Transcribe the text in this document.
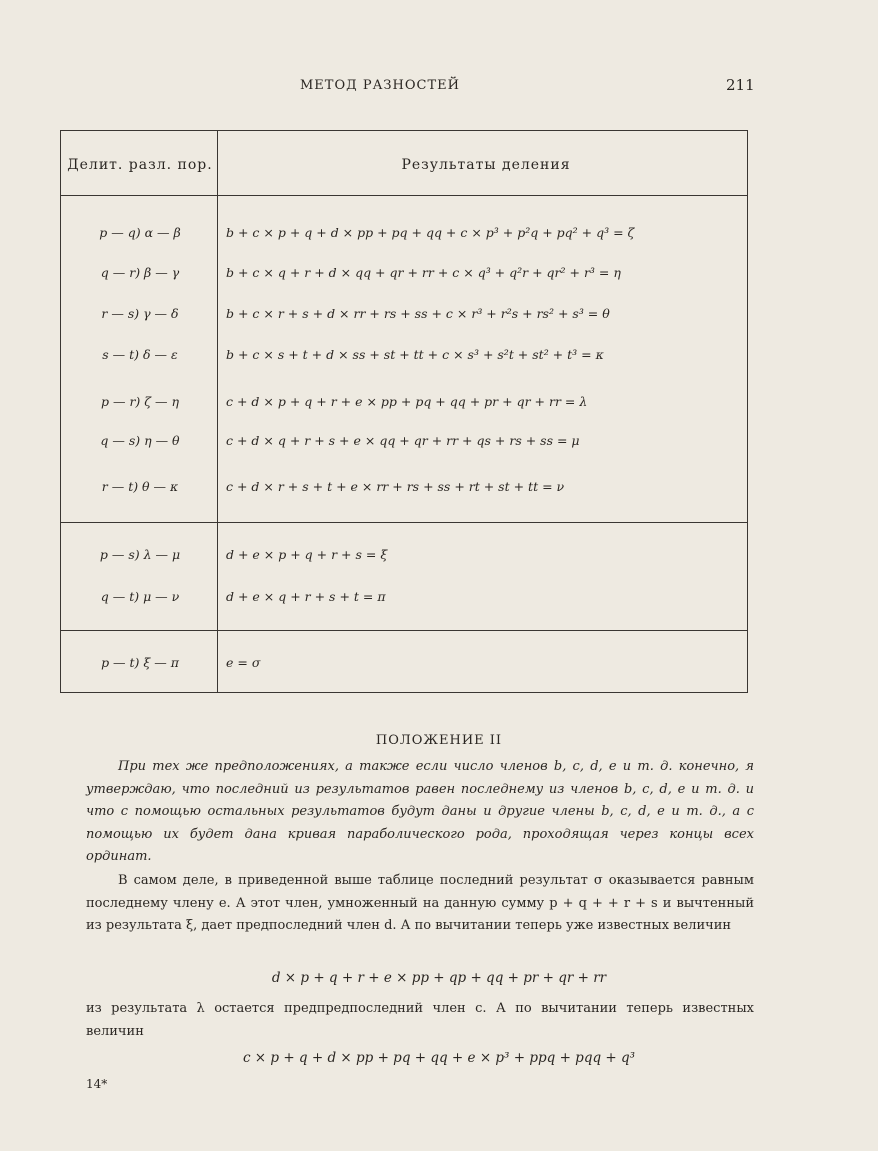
МЕТОД РАЗНОСТЕЙ	211
Делит. разл. пор.	Результаты деления
p — q) α — β	b + c × p + q + d × pp + pq + qq + c × p³ + p²q + pq² + q³ = ζ
q — r) β — γ	b + c × q + r + d × qq + qr + rr + c × q³ + q²r + qr² + r³ = η
r — s) γ — δ	b + c × r + s + d × rr + rs + ss + c × r³ + r²s + rs² + s³ = θ
s — t) δ — ε	b + c × s + t + d × ss + st + tt + c × s³ + s²t + st² + t³ = κ
p — r) ζ — η	c + d × p + q + r + e × pp + pq + qq + pr + qr + rr = λ
q — s) η — θ	c + d × q + r + s + e × qq + qr + rr + qs + rs + ss = μ
r — t) θ — κ	c + d × r + s + t + e × rr + rs + ss + rt + st + tt = ν
p — s) λ — μ	d + e × p + q + r + s = ξ
q — t) μ — ν	d + e × q + r + s + t = π
p — t) ξ — π	e = σ
ПОЛОЖЕНИЕ II

При тех же предположениях, а также если число членов b, c, d, e и т. д. конечно, я утверждаю, что последний из результатов равен последнему из членов b, c, d, e и т. д. и что с помощью остальных результатов будут даны и другие члены b, c, d, e и т. д., а с помощью их будет дана кривая параболического рода, проходящая через концы всех ординат.

В самом деле, в приведенной выше таблице последний результат σ оказывается равным последнему члену e. А этот член, умноженный на данную сумму p + q + + r + s и вычтенный из результата ξ, дает предпоследний член d. А по вычитании теперь уже известных величин

d × p + q + r + e × pp + qp + qq + pr + qr + rr

из результата λ остается предпредпоследний член c. А по вычитании теперь известных величин

c × p + q + d × pp + pq + qq + e × p³ + ppq + pqq + q³
14*
